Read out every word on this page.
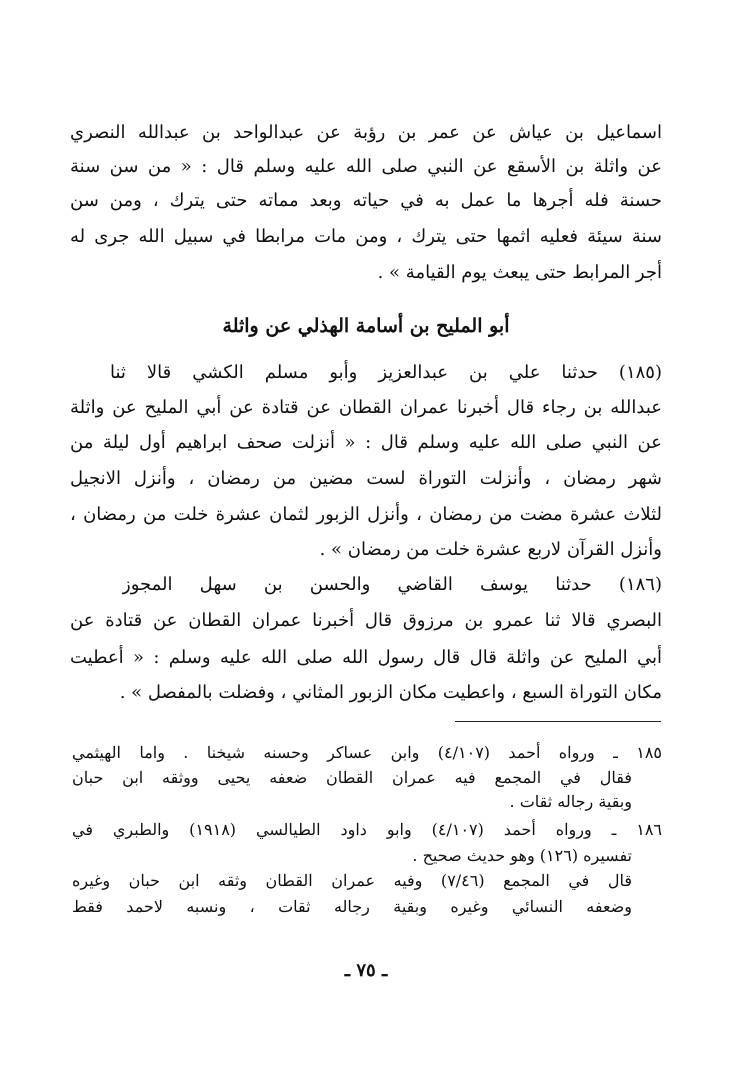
اسماعيل بن عياش عن عمر بن رؤبة عن عبدالواحد بن عبدالله النصري
عن واثلة بن الأسقع عن النبي صلى الله عليه وسلم قال : « من سن سنة
حسنة فله أجرها ما عمل به في حياته وبعد مماته حتى يترك ، ومن سن
سنة سيئة فعليه اثمها حتى يترك ، ومن مات مرابطا في سبيل الله جرى له
أجر المرابط حتى يبعث يوم القيامة » .
أبو المليح بن أسامة الهذلي عن واثلة
(١٨٥) حدثنا علي بن عبدالعزيز وأبو مسلم الكشي قالا ثنا
عبدالله بن رجاء قال أخبرنا عمران القطان عن قتادة عن أبي المليح عن واثلة
عن النبي صلى الله عليه وسلم قال : « أنزلت صحف ابراهيم أول ليلة من
شهر رمضان ، وأنزلت التوراة لست مضين من رمضان ، وأنزل الانجيل
لثلاث عشرة مضت من رمضان ، وأنزل الزبور لثمان عشرة خلت من رمضان ،
وأنزل القرآن لاربع عشرة خلت من رمضان » .
(١٨٦) حدثنا يوسف القاضي والحسن بن سهل المجوز
البصري قالا ثنا عمرو بن مرزوق قال أخبرنا عمران القطان عن قتادة عن
أبي المليح عن واثلة قال قال رسول الله صلى الله عليه وسلم : « أعطيت
مكان التوراة السبع ، واعطيت مكان الزبور المثاني ، وفضلت بالمفصل » .
١٨٥ ـ ورواه أحمد (٤/١٠٧) وابن عساكر وحسنه شيخنا . واما الهيثمي
فقال في المجمع فيه عمران القطان ضعفه يحيى ووثقه ابن حبان
وبقية رجاله ثقات .
١٨٦ ـ ورواه أحمد (٤/١٠٧) وابو داود الطيالسي (١٩١٨) والطبري في
تفسيره (١٢٦) وهو حديث صحيح .
قال في المجمع (٧/٤٦) وفيه عمران القطان وثقه ابن حبان وغيره
وضعفه النسائي وغيره وبقية رجاله ثقات ، ونسبه لاحمد فقط
ـ ٧٥ ـ
